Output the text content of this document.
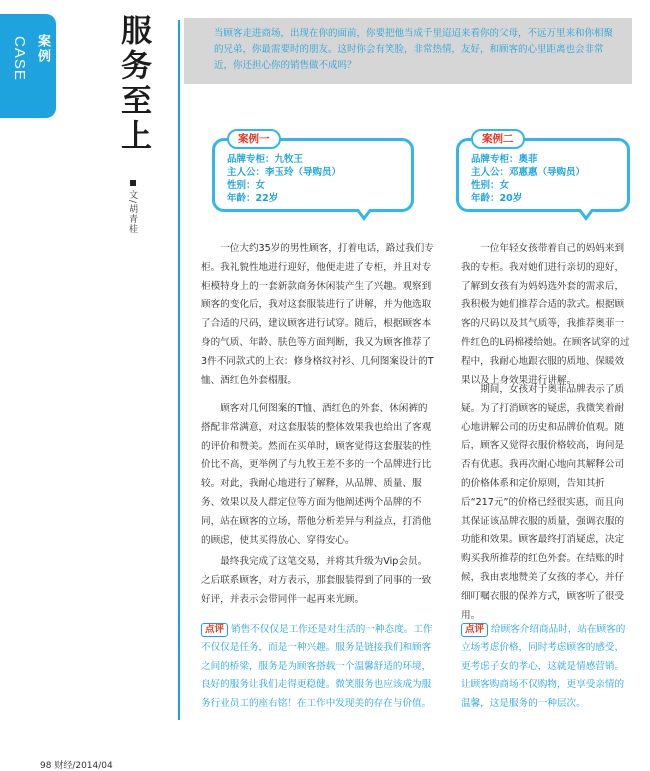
案例
CASE	服务至上
文/胡青桂
当顾客走进商场，出现在你的面前，你要把他当成千里迢迢来看你的父母，不远万里来和你相聚的兄弟，你最需要时的朋友。这时你会有笑脸，非常热情，友好，和顾客的心里距离也会非常近，你还担心你的销售做不成吗？
案例一
品牌专柜：九牧王
主人公：李玉玲（导购员）
性别：女
年龄：22岁
案例二
品牌专柜：奥菲
主人公：邓惠惠（导购员）
性别：女
年龄：20岁

一位大约35岁的男性顾客，打着电话，路过我们专柜。我礼貌性地进行迎好，他便走进了专柜，并且对专柜模特身上的一套新款商务休闲装产生了兴趣。观察到顾客的变化后，我对这套服装进行了讲解，并为他选取了合适的尺码，建议顾客进行试穿。随后，根据顾客本身的气质、年龄、肤色等方面判断，我又为顾客推荐了3件不同款式的上衣：修身格纹衬衫、几何图案设计的T恤、酒红色外套榻服。

顾客对几何图案的T恤、酒红色的外套、休闲裤的搭配非常满意，对这套服装的整体效果我也给出了客观的评价和赞美。然而在买单时，顾客觉得这套服装的性价比不高，更举例了与九牧王差不多的一个品牌进行比较。对此，我耐心地进行了解释，从品牌、质量、服务、效果以及人群定位等方面为他阐述两个品牌的不同，站在顾客的立场，帮他分析差异与利益点，打消他的顾虑，使其买得放心、穿得安心。

最终我完成了这笔交易，并将其升级为Vip会员。之后联系顾客，对方表示，那套服装得到了同事的一致好评，并表示会带同伴一起再来光顾。

点评 销售不仅仅是工作还是对生活的一种态度。工作不仅仅是任务，而是一种兴趣。服务是链接我们和顾客之间的桥梁，服务是为顾客搭载一个温馨舒适的环境，良好的服务让我们走得更稳健。微笑服务也应该成为服务行业员工的座右铭！在工作中发现美的存在与价值。

一位年轻女孩带着自己的妈妈来到我的专柜。我对她们进行亲切的迎好，了解到女孩有为妈妈选外套的需求后，我积极为她们推荐合适的款式。根据顾客的尺码以及其气质等，我推荐奥菲一件红色的L码棉褛给她。在顾客试穿的过程中，我耐心地跟衣服的质地、保暖效果以及上身效果进行讲解。

期间，女孩对于奥菲品牌表示了质疑。为了打消顾客的疑虑，我微笑着耐心地讲解公司的历史和品牌价值观。随后，顾客又觉得衣服价格较高，询问是否有优惠。我再次耐心地向其解释公司的价格体系和定价原则，告知其折后“217元”的价格已经很实惠，而且向其保证该品牌衣服的质量，强调衣服的功能和效果。顾客最终打消疑虑，决定购买我所推荐的红色外套。在结账的时候，我由衷地赞美了女孩的孝心，并仔细叮嘱衣服的保养方式，顾客听了很受用。

点评 给顾客介绍商品时，站在顾客的立场考虑价格，同时考虑顾客的感受，更考虑子女的孝心，这就是情感营销。让顾客购商场不仅购物，更享受亲情的温馨，这是服务的一种层次。

98 财经/2014/04
